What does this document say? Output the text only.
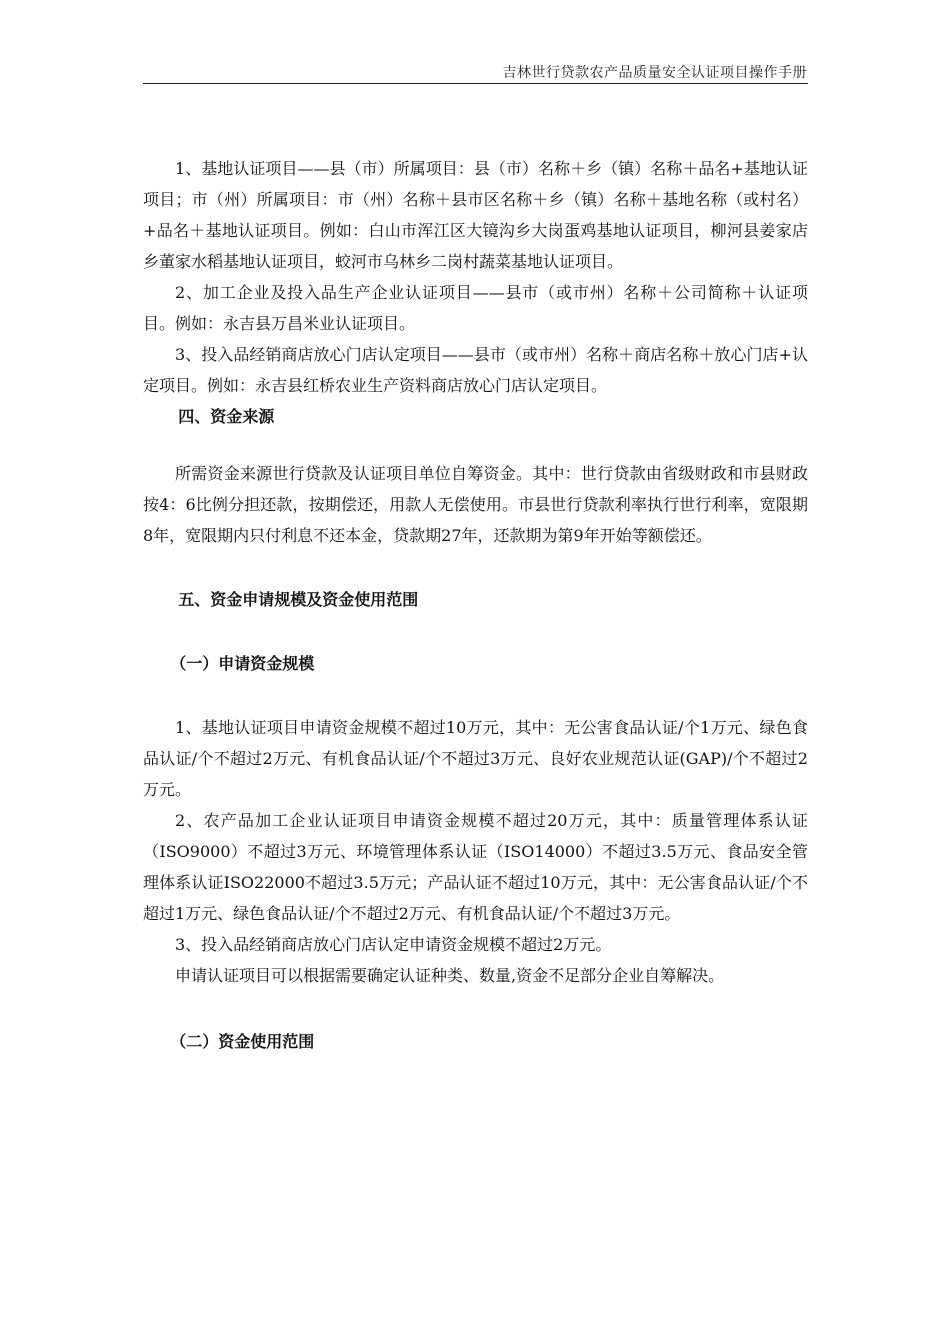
吉林世行贷款农产品质量安全认证项目操作手册

1、基地认证项目——县（市）所属项目：县（市）名称＋乡（镇）名称＋品名+基地认证项目；市（州）所属项目：市（州）名称＋县市区名称＋乡（镇）名称＋基地名称（或村名）+品名＋基地认证项目。例如：白山市浑江区大镜沟乡大岗蛋鸡基地认证项目，柳河县姜家店乡董家水稻基地认证项目，蛟河市乌林乡二岗村蔬菜基地认证项目。

2、加工企业及投入品生产企业认证项目——县市（或市州）名称＋公司简称＋认证项目。例如：永吉县万昌米业认证项目。

3、投入品经销商店放心门店认定项目——县市（或市州）名称＋商店名称＋放心门店+认定项目。例如：永吉县红桥农业生产资料商店放心门店认定项目。

四、资金来源

所需资金来源世行贷款及认证项目单位自筹资金。其中：世行贷款由省级财政和市县财政按4：6比例分担还款，按期偿还，用款人无偿使用。市县世行贷款利率执行世行利率，宽限期8年，宽限期内只付利息不还本金，贷款期27年，还款期为第9年开始等额偿还。

五、资金申请规模及资金使用范围

（一）申请资金规模

1、基地认证项目申请资金规模不超过10万元，其中：无公害食品认证/个1万元、绿色食品认证/个不超过2万元、有机食品认证/个不超过3万元、良好农业规范认证(GAP)/个不超过2万元。

2、农产品加工企业认证项目申请资金规模不超过20万元，其中：质量管理体系认证（ISO9000）不超过3万元、环境管理体系认证（ISO14000）不超过3.5万元、食品安全管理体系认证ISO22000不超过3.5万元；产品认证不超过10万元，其中：无公害食品认证/个不超过1万元、绿色食品认证/个不超过2万元、有机食品认证/个不超过3万元。

3、投入品经销商店放心门店认定申请资金规模不超过2万元。

申请认证项目可以根据需要确定认证种类、数量,资金不足部分企业自筹解决。

（二）资金使用范围
